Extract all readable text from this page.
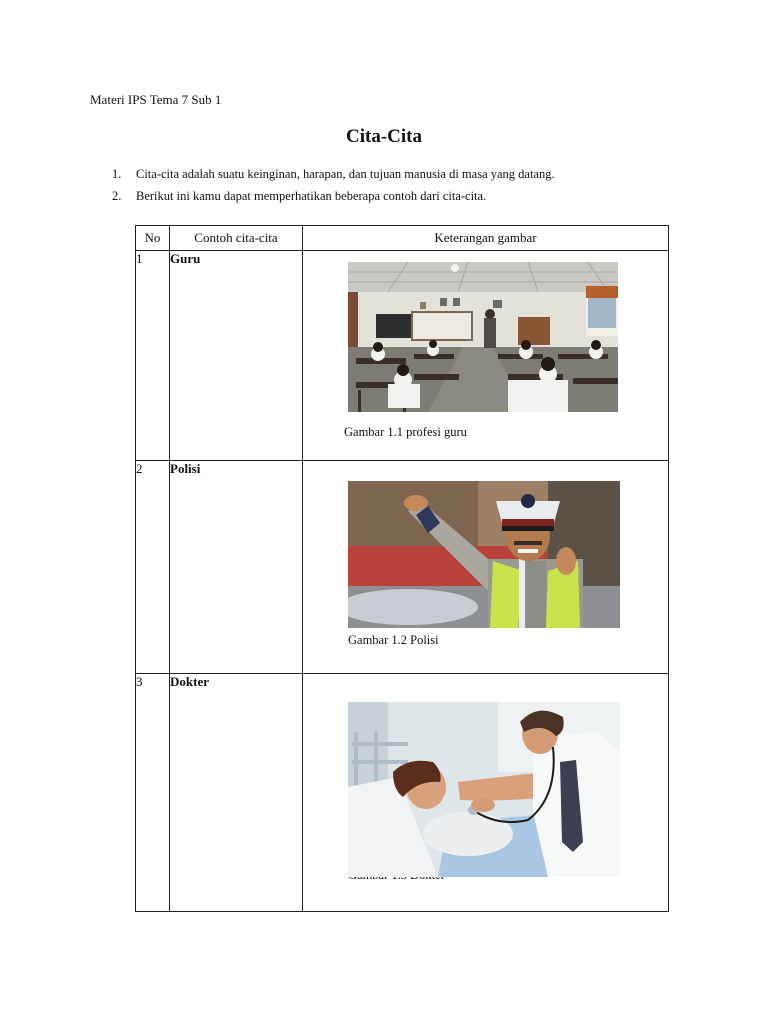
Materi IPS Tema 7 Sub 1
Cita-Cita
1. Cita-cita adalah suatu keinginan, harapan, dan tujuan manusia di masa yang datang.
2. Berikut ini kamu dapat memperhatikan beberapa contoh dari cita-cita.
No	Contoh cita-cita	Keterangan gambar
1	Guru	Gambar 1.1 profesi guru

2	Polisi	Gambar 1.2 Polisi

3	Dokter	
